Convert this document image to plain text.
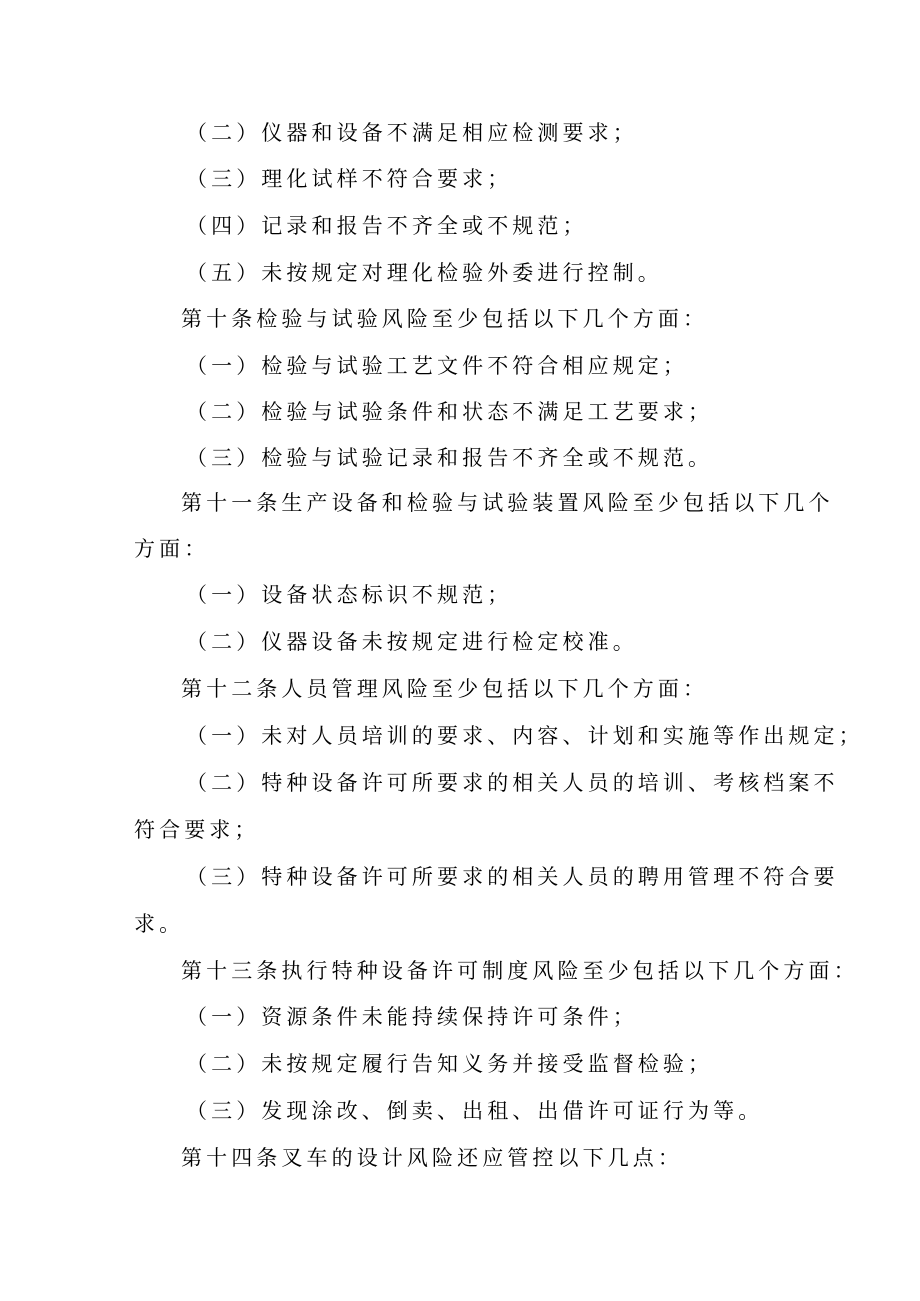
（二）仪器和设备不满足相应检测要求；
（三）理化试样不符合要求；
（四）记录和报告不齐全或不规范；
（五）未按规定对理化检验外委进行控制。
第十条检验与试验风险至少包括以下几个方面：
（一）检验与试验工艺文件不符合相应规定；
（二）检验与试验条件和状态不满足工艺要求；
（三）检验与试验记录和报告不齐全或不规范。
第十一条生产设备和检验与试验装置风险至少包括以下几个
方面：
（一）设备状态标识不规范；
（二）仪器设备未按规定进行检定校准。
第十二条人员管理风险至少包括以下几个方面：
（一）未对人员培训的要求、内容、计划和实施等作出规定；
（二）特种设备许可所要求的相关人员的培训、考核档案不
符合要求；
（三）特种设备许可所要求的相关人员的聘用管理不符合要
求。
第十三条执行特种设备许可制度风险至少包括以下几个方面：
（一）资源条件未能持续保持许可条件；
（二）未按规定履行告知义务并接受监督检验；
（三）发现涂改、倒卖、出租、出借许可证行为等。
第十四条叉车的设计风险还应管控以下几点：
